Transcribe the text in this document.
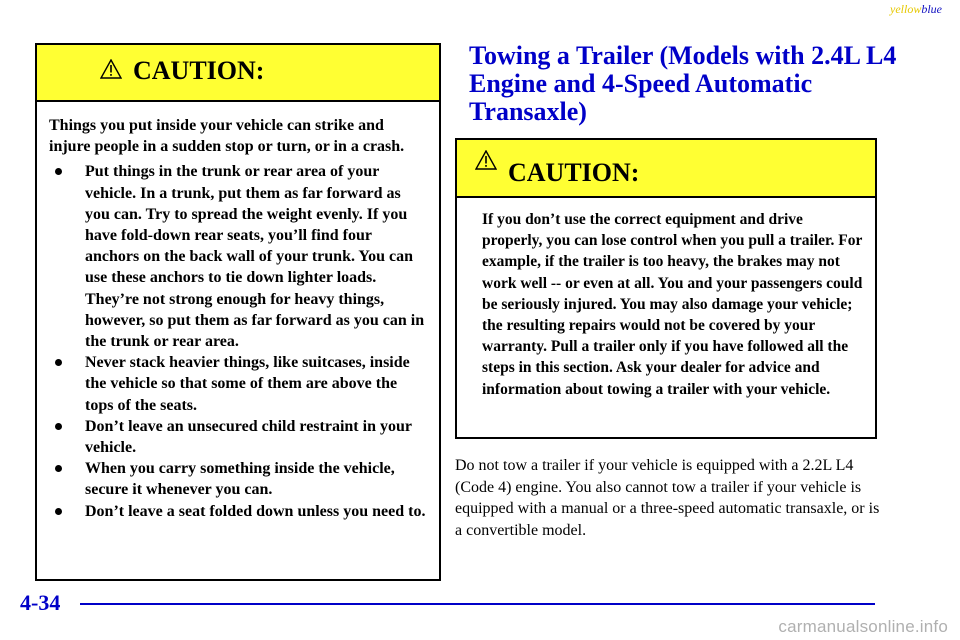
yellowblue
CAUTION:

Things you put inside your vehicle can strike and injure people in a sudden stop or turn, or in a crash.

Put things in the trunk or rear area of your vehicle. In a trunk, put them as far forward as you can. Try to spread the weight evenly. If you have fold-down rear seats, you’ll find four anchors on the back wall of your trunk. You can use these anchors to tie down lighter loads. They’re not strong enough for heavy things, however, so put them as far forward as you can in the trunk or rear area.
Never stack heavier things, like suitcases, inside the vehicle so that some of them are above the tops of the seats.
Don’t leave an unsecured child restraint in your vehicle.
When you carry something inside the vehicle, secure it whenever you can.
Don’t leave a seat folded down unless you need to.
Towing a Trailer (Models with 2.4L L4 Engine and 4-Speed Automatic Transaxle)
CAUTION:
If you don’t use the correct equipment and drive properly, you can lose control when you pull a trailer. For example, if the trailer is too heavy, the brakes may not work well -- or even at all. You and your passengers could be seriously injured. You may also damage your vehicle; the resulting repairs would not be covered by your warranty. Pull a trailer only if you have followed all the steps in this section. Ask your dealer for advice and information about towing a trailer with your vehicle.

Do not tow a trailer if your vehicle is equipped with a 2.2L L4 (Code 4) engine. You also cannot tow a trailer if your vehicle is equipped with a manual or a three-speed automatic transaxle, or is a convertible model.

4-34
carmanualsonline.info
